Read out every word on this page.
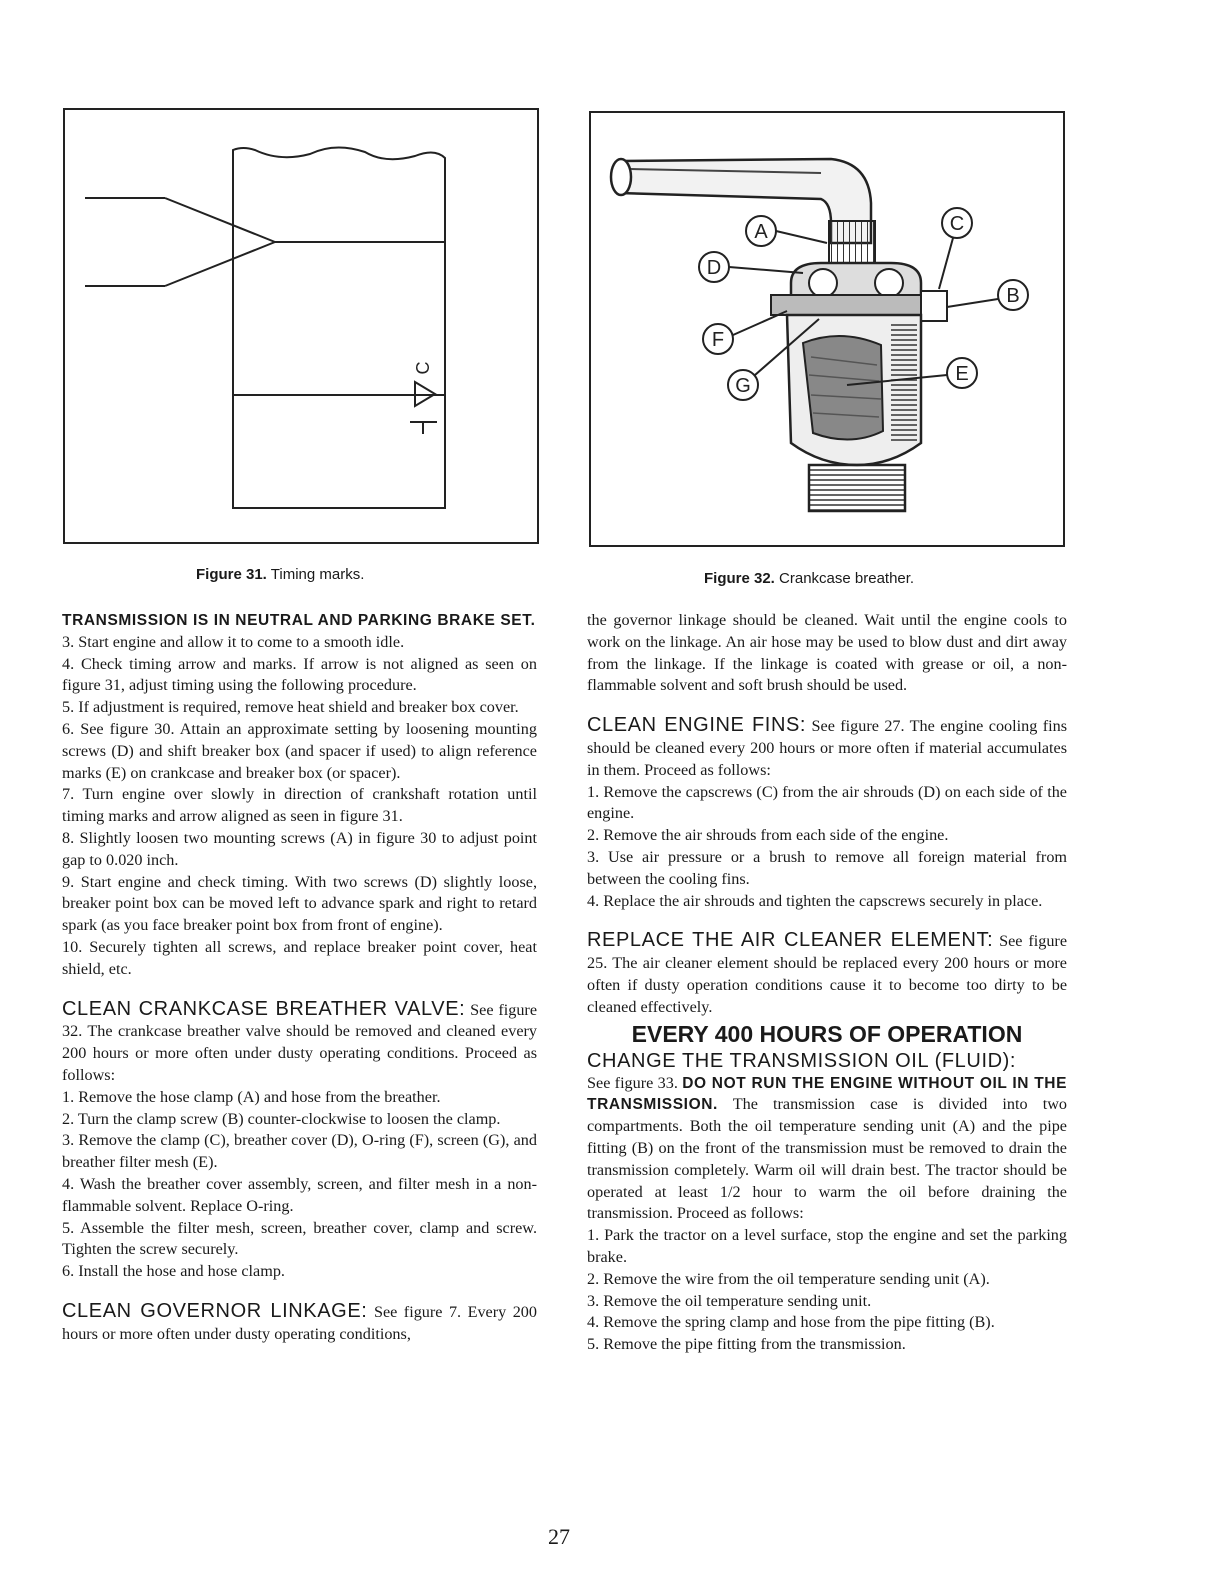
C
Figure 31. Timing marks.
A
B
C
D
E
F
G
Figure 32. Crankcase breather.

TRANSMISSION IS IN NEUTRAL AND PARKING BRAKE SET.

3. Start engine and allow it to come to a smooth idle.

4. Check timing arrow and marks. If arrow is not aligned as seen on figure 31, adjust timing using the following procedure.

5. If adjustment is required, remove heat shield and breaker box cover.

6. See figure 30. Attain an approximate setting by loosening mounting screws (D) and shift breaker box (and spacer if used) to align reference marks (E) on crankcase and breaker box (or spacer).

7. Turn engine over slowly in direction of crankshaft rotation until timing marks and arrow aligned as seen in figure 31.

8. Slightly loosen two mounting screws (A) in figure 30 to adjust point gap to 0.020 inch.

9. Start engine and check timing. With two screws (D) slightly loose, breaker point box can be moved left to advance spark and right to retard spark (as you face breaker point box from front of engine).

10. Securely tighten all screws, and replace breaker point cover, heat shield, etc.

CLEAN CRANKCASE BREATHER VALVE: See figure 32. The crankcase breather valve should be removed and cleaned every 200 hours or more often under dusty operating conditions. Proceed as follows:

1. Remove the hose clamp (A) and hose from the breather.

2. Turn the clamp screw (B) counter-clockwise to loosen the clamp.

3. Remove the clamp (C), breather cover (D), O-ring (F), screen (G), and breather filter mesh (E).

4. Wash the breather cover assembly, screen, and filter mesh in a non-flammable solvent. Replace O-ring.

5. Assemble the filter mesh, screen, breather cover, clamp and screw. Tighten the screw securely.

6. Install the hose and hose clamp.

CLEAN GOVERNOR LINKAGE: See figure 7. Every 200 hours or more often under dusty operating conditions,

the governor linkage should be cleaned. Wait until the engine cools to work on the linkage. An air hose may be used to blow dust and dirt away from the linkage. If the linkage is coated with grease or oil, a non-flammable solvent and soft brush should be used.

CLEAN ENGINE FINS: See figure 27. The engine cooling fins should be cleaned every 200 hours or more often if material accumulates in them. Proceed as follows:

1. Remove the capscrews (C) from the air shrouds (D) on each side of the engine.

2. Remove the air shrouds from each side of the engine.

3. Use air pressure or a brush to remove all foreign material from between the cooling fins.

4. Replace the air shrouds and tighten the capscrews securely in place.

REPLACE THE AIR CLEANER ELEMENT: See figure 25. The air cleaner element should be replaced every 200 hours or more often if dusty operation conditions cause it to become too dirty to be cleaned effectively.

EVERY 400 HOURS OF OPERATION

CHANGE THE TRANSMISSION OIL (FLUID):

See figure 33. DO NOT RUN THE ENGINE WITHOUT OIL IN THE TRANSMISSION. The transmission case is divided into two compartments. Both the oil temperature sending unit (A) and the pipe fitting (B) on the front of the transmission must be removed to drain the transmission completely. Warm oil will drain best. The tractor should be operated at least 1/2 hour to warm the oil before draining the transmission. Proceed as follows:

1. Park the tractor on a level surface, stop the engine and set the parking brake.

2. Remove the wire from the oil temperature sending unit (A).

3. Remove the oil temperature sending unit.

4. Remove the spring clamp and hose from the pipe fitting (B).

5. Remove the pipe fitting from the transmission.

27
